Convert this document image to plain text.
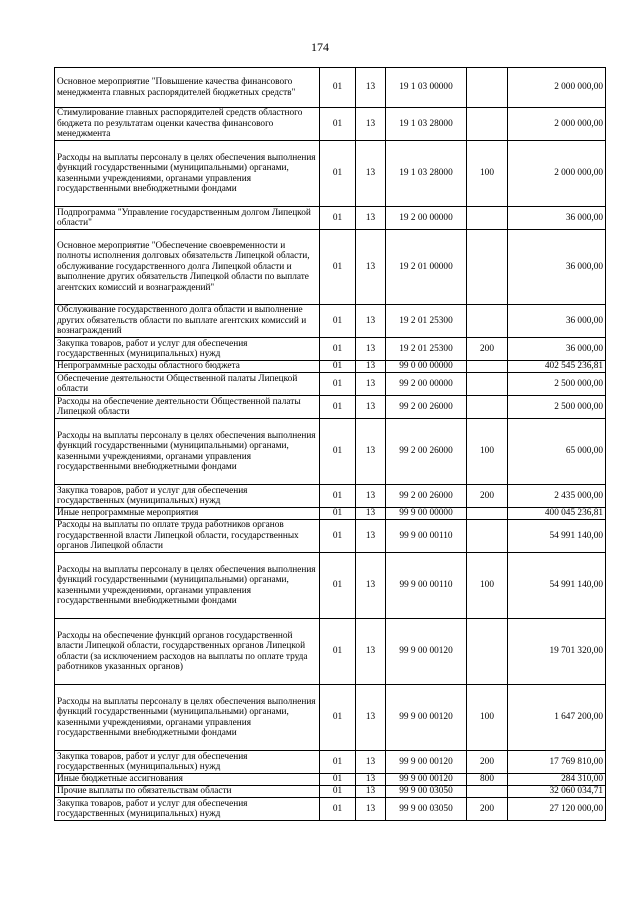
174
Основное мероприятие "Повышение качества финансового менеджмента главных распорядителей бюджетных средств"	01	13	19 1 03 00000		2 000 000,00
Стимулирование главных распорядителей средств областного бюджета по результатам оценки качества финансового менеджмента	01	13	19 1 03 28000		2 000 000,00
Расходы на выплаты персоналу в целях обеспечения выполнения функций государственными (муниципальными) органами, казенными учреждениями, органами управления государственными внебюджетными фондами	01	13	19 1 03 28000	100	2 000 000,00
Подпрограмма "Управление государственным долгом Липецкой области"	01	13	19 2 00 00000		36 000,00
Основное мероприятие "Обеспечение своевременности и полноты исполнения долговых обязательств Липецкой области, обслуживание государственного долга Липецкой области и выполнение других обязательств Липецкой области по выплате агентских комиссий и вознаграждений"	01	13	19 2 01 00000		36 000,00
Обслуживание государственного долга области и выполнение других обязательств области по выплате агентских комиссий и вознаграждений	01	13	19 2 01 25300		36 000,00
Закупка товаров, работ и услуг для обеспечения государственных (муниципальных) нужд	01	13	19 2 01 25300	200	36 000,00
Непрограммные расходы областного бюджета	01	13	99 0 00 00000		402 545 236,81
Обеспечение деятельности Общественной палаты Липецкой области	01	13	99 2 00 00000		2 500 000,00
Расходы на обеспечение деятельности Общественной палаты Липецкой области	01	13	99 2 00 26000		2 500 000,00
Расходы на выплаты персоналу в целях обеспечения выполнения функций государственными (муниципальными) органами, казенными учреждениями, органами управления государственными внебюджетными фондами	01	13	99 2 00 26000	100	65 000,00
Закупка товаров, работ и услуг для обеспечения государственных (муниципальных) нужд	01	13	99 2 00 26000	200	2 435 000,00
Иные непрограммные мероприятия	01	13	99 9 00 00000		400 045 236,81
Расходы на выплаты по оплате труда работников органов государственной власти Липецкой области, государственных органов Липецкой области	01	13	99 9 00 00110		54 991 140,00
Расходы на выплаты персоналу в целях обеспечения выполнения функций государственными (муниципальными) органами, казенными учреждениями, органами управления государственными внебюджетными фондами	01	13	99 9 00 00110	100	54 991 140,00
Расходы на обеспечение функций органов государственной власти Липецкой области, государственных органов Липецкой области (за исключением расходов на выплаты по оплате труда работников указанных органов)	01	13	99 9 00 00120		19 701 320,00
Расходы на выплаты персоналу в целях обеспечения выполнения функций государственными (муниципальными) органами, казенными учреждениями, органами управления государственными внебюджетными фондами	01	13	99 9 00 00120	100	1 647 200,00
Закупка товаров, работ и услуг для обеспечения государственных (муниципальных) нужд	01	13	99 9 00 00120	200	17 769 810,00
Иные бюджетные ассигнования	01	13	99 9 00 00120	800	284 310,00
Прочие выплаты по обязательствам области	01	13	99 9 00 03050		32 060 034,71
Закупка товаров, работ и услуг для обеспечения государственных (муниципальных) нужд	01	13	99 9 00 03050	200	27 120 000,00
